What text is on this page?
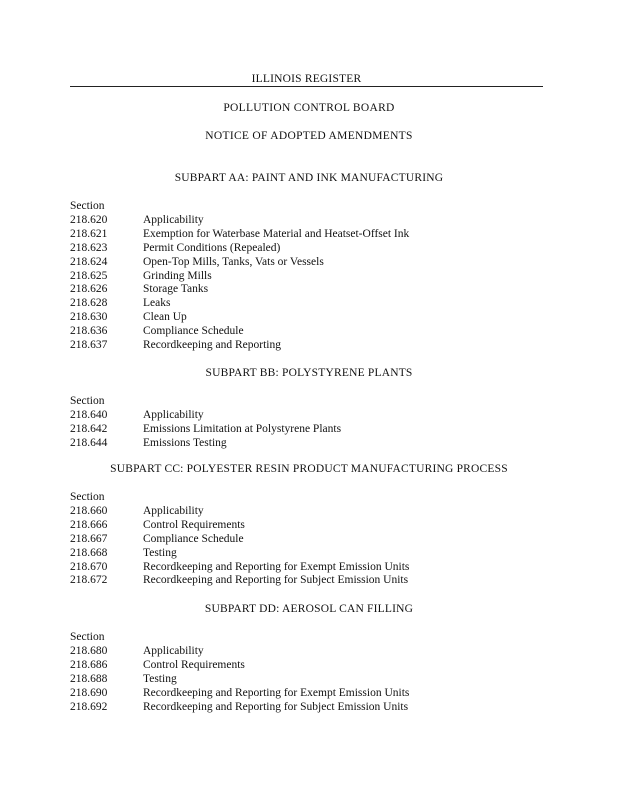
ILLINOIS REGISTER
POLLUTION CONTROL BOARD
NOTICE OF ADOPTED AMENDMENTS
SUBPART AA: PAINT AND INK MANUFACTURING
Section
218.620	Applicability
218.621	Exemption for Waterbase Material and Heatset-Offset Ink
218.623	Permit Conditions (Repealed)
218.624	Open-Top Mills, Tanks, Vats or Vessels
218.625	Grinding Mills
218.626	Storage Tanks
218.628	Leaks
218.630	Clean Up
218.636	Compliance Schedule
218.637	Recordkeeping and Reporting
SUBPART BB: POLYSTYRENE PLANTS
Section
218.640	Applicability
218.642	Emissions Limitation at Polystyrene Plants
218.644	Emissions Testing
SUBPART CC: POLYESTER RESIN PRODUCT MANUFACTURING PROCESS
Section
218.660	Applicability
218.666	Control Requirements
218.667	Compliance Schedule
218.668	Testing
218.670	Recordkeeping and Reporting for Exempt Emission Units
218.672	Recordkeeping and Reporting for Subject Emission Units
SUBPART DD: AEROSOL CAN FILLING
Section
218.680	Applicability
218.686	Control Requirements
218.688	Testing
218.690	Recordkeeping and Reporting for Exempt Emission Units
218.692	Recordkeeping and Reporting for Subject Emission Units
